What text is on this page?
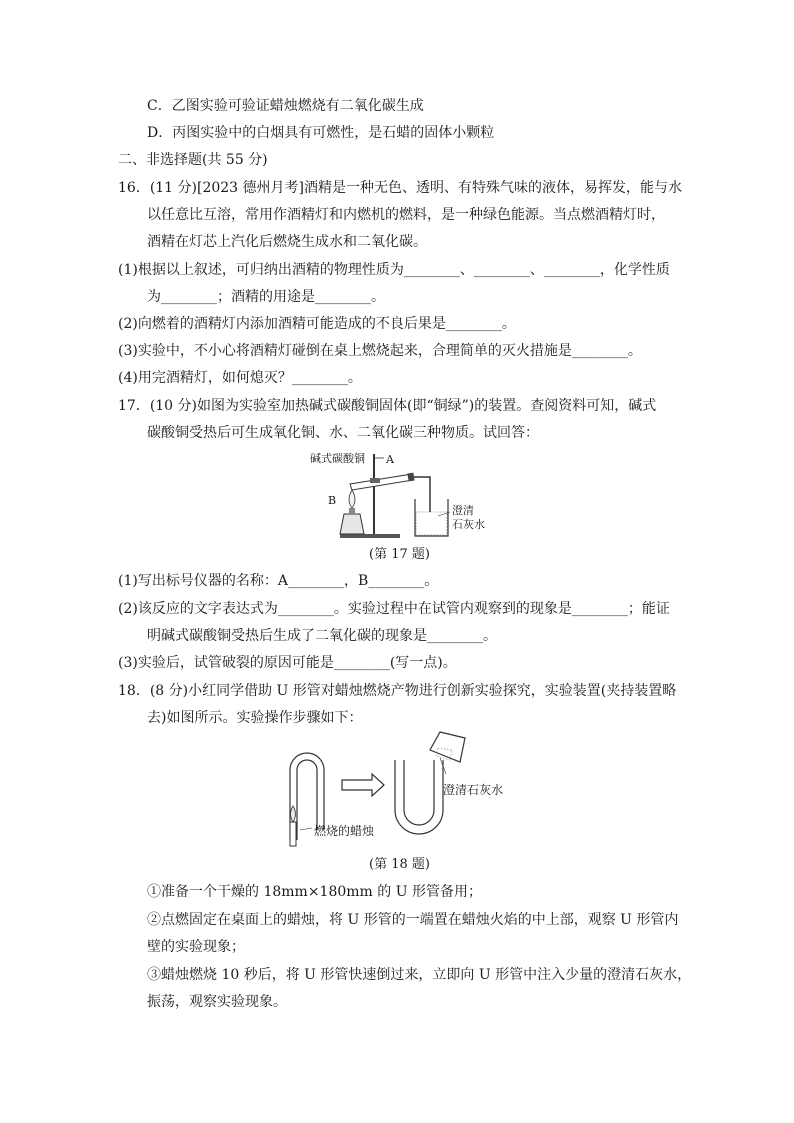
C．乙图实验可验证蜡烛燃烧有二氧化碳生成
D．丙图实验中的白烟具有可燃性，是石蜡的固体小颗粒
二、非选择题(共 55 分)
16．(11 分)[2023 德州月考]酒精是一种无色、透明、有特殊气味的液体，易挥发，能与水
以任意比互溶，常用作酒精灯和内燃机的燃料，是一种绿色能源。当点燃酒精灯时，
酒精在灯芯上汽化后燃烧生成水和二氧化碳。
(1)根据以上叙述，可归纳出酒精的物理性质为________、________、________，化学性质
为________；酒精的用途是________。
(2)向燃着的酒精灯内添加酒精可能造成的不良后果是________。
(3)实验中，不小心将酒精灯碰倒在桌上燃烧起来，合理简单的灭火措施是________。
(4)用完酒精灯，如何熄灭？________。
17．(10 分)如图为实验室加热碱式碳酸铜固体(即“铜绿”)的装置。查阅资料可知，碱式
碳酸铜受热后可生成氧化铜、水、二氧化碳三种物质。试回答：
碱式碳酸铜 A
B
澄清
石灰水
(第 17 题)
(1)写出标号仪器的名称：A________，B________。
(2)该反应的文字表达式为________。实验过程中在试管内观察到的现象是________；能证
明碱式碳酸铜受热后生成了二氧化碳的现象是________。
(3)实验后，试管破裂的原因可能是________(写一点)。
18．(8 分)小红同学借助 U 形管对蜡烛燃烧产物进行创新实验探究，实验装置(夹持装置略
去)如图所示。实验操作步骤如下：
燃烧的蜡烛
澄清石灰水
(第 18 题)
①准备一个干燥的 18mm×180mm 的 U 形管备用；
②点燃固定在桌面上的蜡烛，将 U 形管的一端置在蜡烛火焰的中上部，观察 U 形管内
壁的实验现象；
③蜡烛燃烧 10 秒后，将 U 形管快速倒过来，立即向 U 形管中注入少量的澄清石灰水，
振荡，观察实验现象。
